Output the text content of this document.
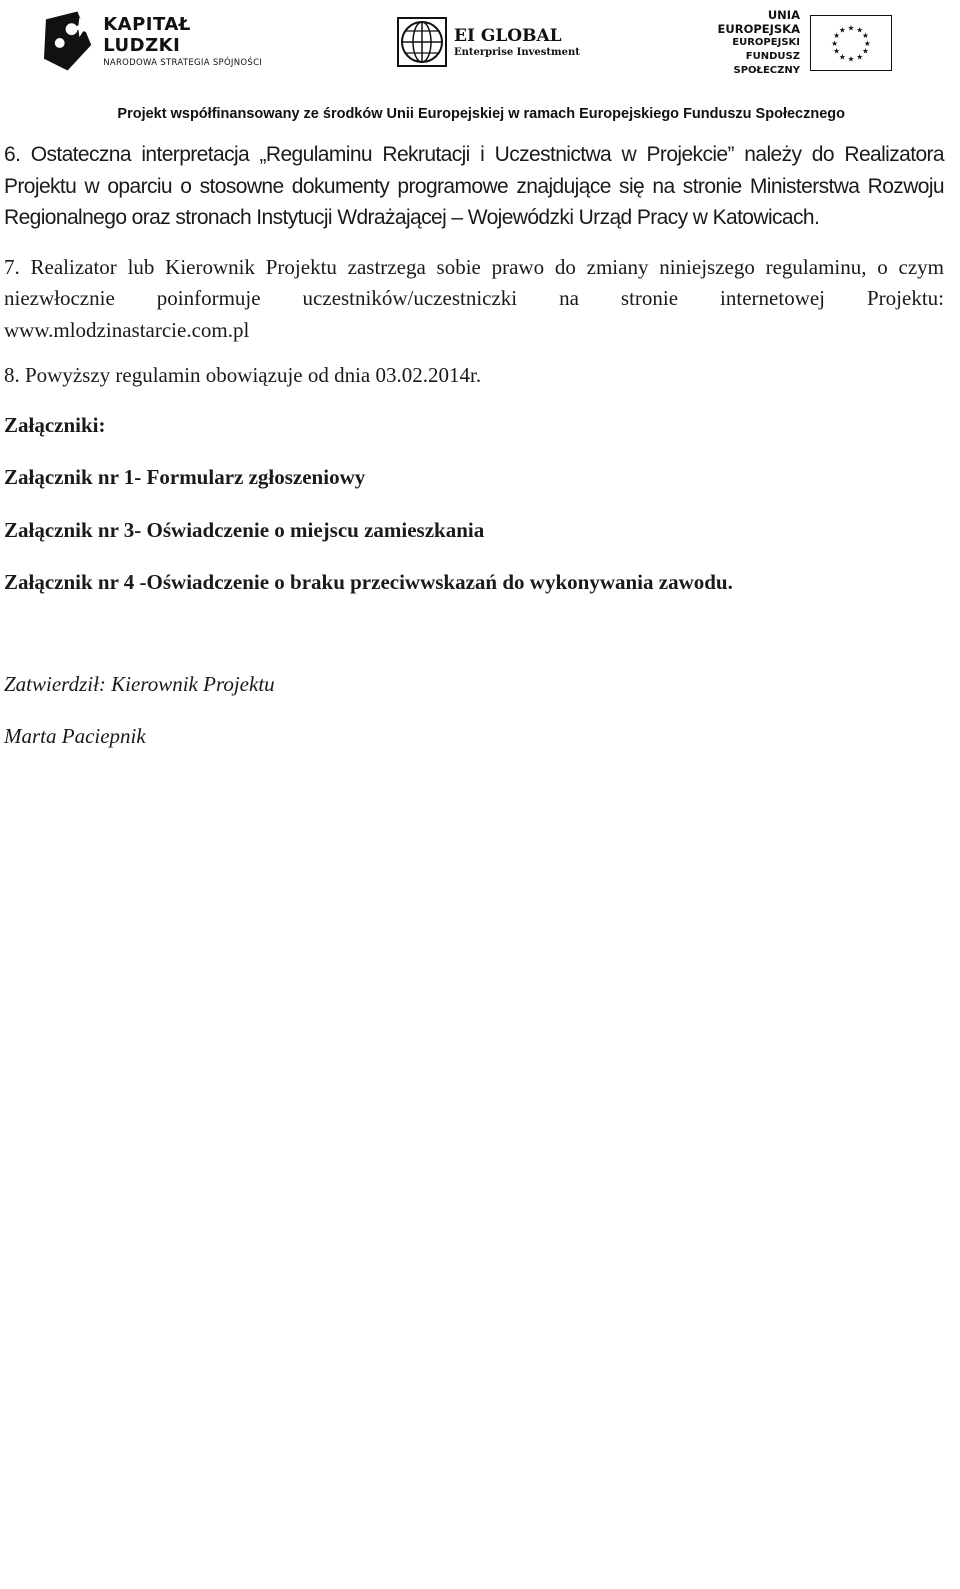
KAPITAŁ LUDZKI
NARODOWA STRATEGIA SPÓJNOŚCI
EI GLOBAL
Enterprise Investment
UNIA EUROPEJSKA
EUROPEJSKI
FUNDUSZ SPOŁECZNY
★ ★
★
★
★
★
★
★
★
★
★
★
Projekt współfinansowany ze środków Unii Europejskiej w ramach Europejskiego Funduszu Społecznego

6. Ostateczna interpretacja „Regulaminu Rekrutacji i Uczestnictwa w Projekcie” należy do Realizatora Projektu w oparciu o stosowne dokumenty programowe znajdujące się na stronie Ministerstwa Rozwoju Regionalnego oraz stronach Instytucji Wdrażającej – Wojewódzki Urząd Pracy w Katowicach.

7. Realizator lub Kierownik Projektu zastrzega sobie prawo do zmiany niniejszego regulaminu, o czym niezwłocznie poinformuje uczestników/uczestniczki na stronie internetowej Projektu: www.mlodzinastarcie.com.pl

8. Powyższy regulamin obowiązuje od dnia 03.02.2014r.

Załączniki:

Załącznik nr 1- Formularz zgłoszeniowy

Załącznik nr 3- Oświadczenie o miejscu zamieszkania

Załącznik nr 4 -Oświadczenie o braku przeciwwskazań do wykonywania zawodu.

Zatwierdził: Kierownik Projektu

Marta Paciepnik
